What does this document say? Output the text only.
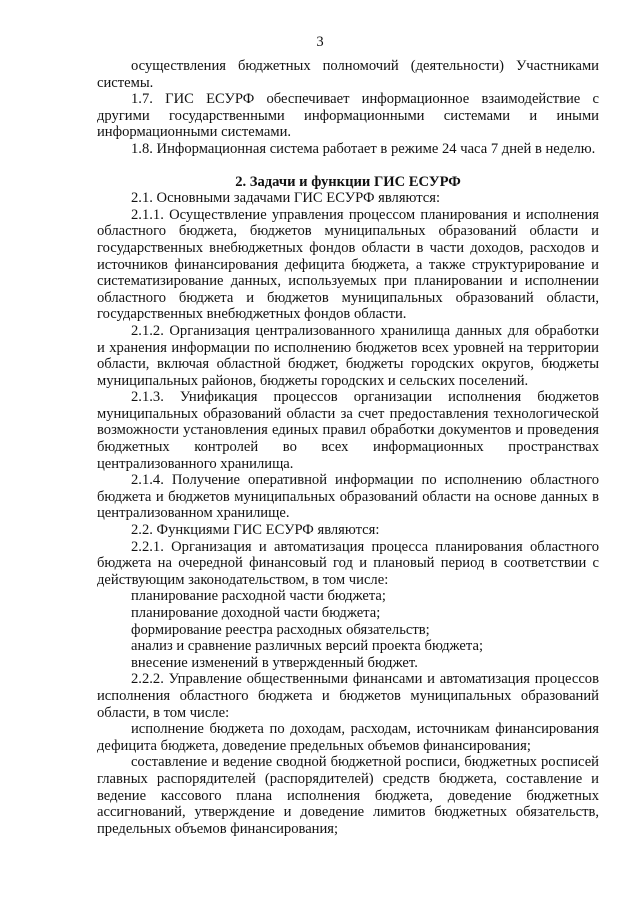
3

осуществления бюджетных полномочий (деятельности) Участниками системы.

1.7. ГИС ЕСУРФ обеспечивает информационное взаимодействие с другими государственными информационными системами и иными информационными системами.

1.8. Информационная система работает в режиме 24 часа 7 дней в неделю.

2. Задачи и функции ГИС ЕСУРФ

2.1. Основными задачами ГИС ЕСУРФ являются:

2.1.1. Осуществление управления процессом планирования и исполнения областного бюджета, бюджетов муниципальных образований области и государственных внебюджетных фондов области в части доходов, расходов и источников финансирования дефицита бюджета, а также структурирование и систематизирование данных, используемых при планировании и исполнении областного бюджета и бюджетов муниципальных образований области, государственных внебюджетных фондов области.

2.1.2. Организация централизованного хранилища данных для обработки и хранения информации по исполнению бюджетов всех уровней на территории области, включая областной бюджет, бюджеты городских округов, бюджеты муниципальных районов, бюджеты городских и сельских поселений.

2.1.3. Унификация процессов организации исполнения бюджетов муниципальных образований области за счет предоставления технологической возможности установления единых правил обработки документов и проведения бюджетных контролей во всех информационных пространствах централизованного хранилища.

2.1.4. Получение оперативной информации по исполнению областного бюджета и бюджетов муниципальных образований области на основе данных в централизованном хранилище.

2.2. Функциями ГИС ЕСУРФ являются:

2.2.1. Организация и автоматизация процесса планирования областного бюджета на очередной финансовый год и плановый период в соответствии с действующим законодательством, в том числе:

планирование расходной части бюджета;

планирование доходной части бюджета;

формирование реестра расходных обязательств;

анализ и сравнение различных версий проекта бюджета;

внесение изменений в утвержденный бюджет.

2.2.2. Управление общественными финансами и автоматизация процессов исполнения областного бюджета и бюджетов муниципальных образований области, в том числе:

исполнение бюджета по доходам, расходам, источникам финансирования дефицита бюджета, доведение предельных объемов финансирования;

составление и ведение сводной бюджетной росписи, бюджетных росписей главных распорядителей (распорядителей) средств бюджета, составление и ведение кассового плана исполнения бюджета, доведение бюджетных ассигнований, утверждение и доведение лимитов бюджетных обязательств, предельных объемов финансирования;
